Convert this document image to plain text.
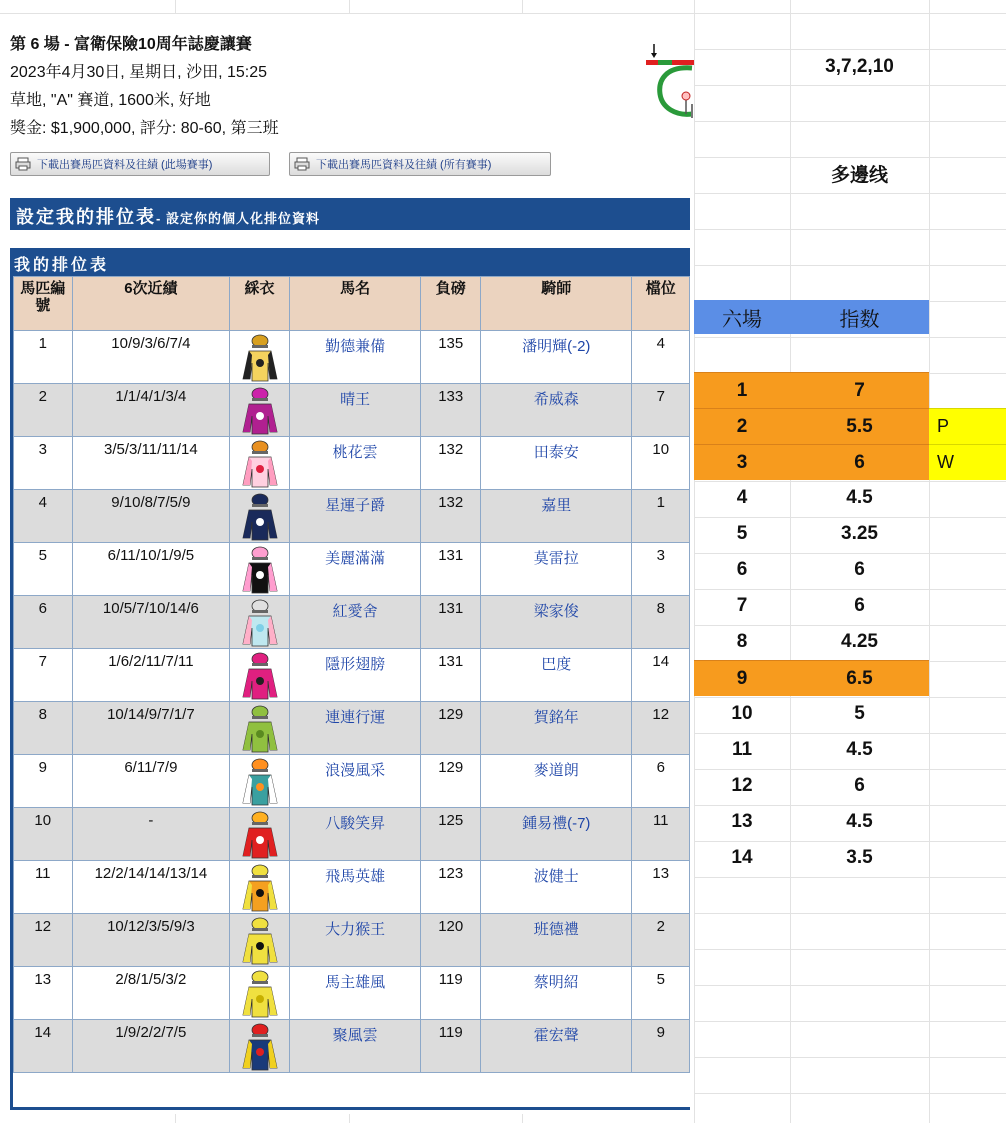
第 6 場 - 富衛保險10周年誌慶讓賽
2023年4月30日, 星期日, 沙田, 15:25
草地, "A" 賽道, 1600米, 好地
獎金: $1,900,000, 評分: 80-60, 第三班
下載出賽馬匹資料及往績 (此場賽事)	下載出賽馬匹資料及往績 (所有賽事)
設定我的排位表- 設定你的個人化排位資料
我的排位表
馬匹編號	6次近績	綵衣	馬名	負磅	騎師	檔位
1	10/9/3/6/7/4		勤德兼備	135	潘明輝(-2)	4
2	1/1/4/1/3/4		晴王	133	希威森	7
3	3/5/3/11/11/14		桃花雲	132	田泰安	10
4	9/10/8/7/5/9		星運子爵	132	嘉里	1
5	6/11/10/1/9/5		美麗滿滿	131	莫雷拉	3
6	10/5/7/10/14/6		紅愛舍	131	梁家俊	8
7	1/6/2/11/7/11		隱形翅膀	131	巴度	14
8	10/14/9/7/1/7		連連行運	129	賀銘年	12
9	6/11/7/9		浪漫風采	129	麥道朗	6
10	-		八駿笑昇	125	鍾易禮(-7)	11
11	12/2/14/14/13/14		飛馬英雄	123	波健士	13
12	10/12/3/5/9/3		大力猴王	120	班德禮	2
13	2/8/1/5/3/2		馬主雄風	119	蔡明紹	5
14	1/9/2/2/7/5		聚風雲	119	霍宏聲	9
3,7,2,10
多邊线
六場	指数
1	7
2	5.5	P
3	6	W
4	4.5
5	3.25
6	6
7	6
8	4.25
9	6.5
10	5
11	4.5
12	6
13	4.5
14	3.5
